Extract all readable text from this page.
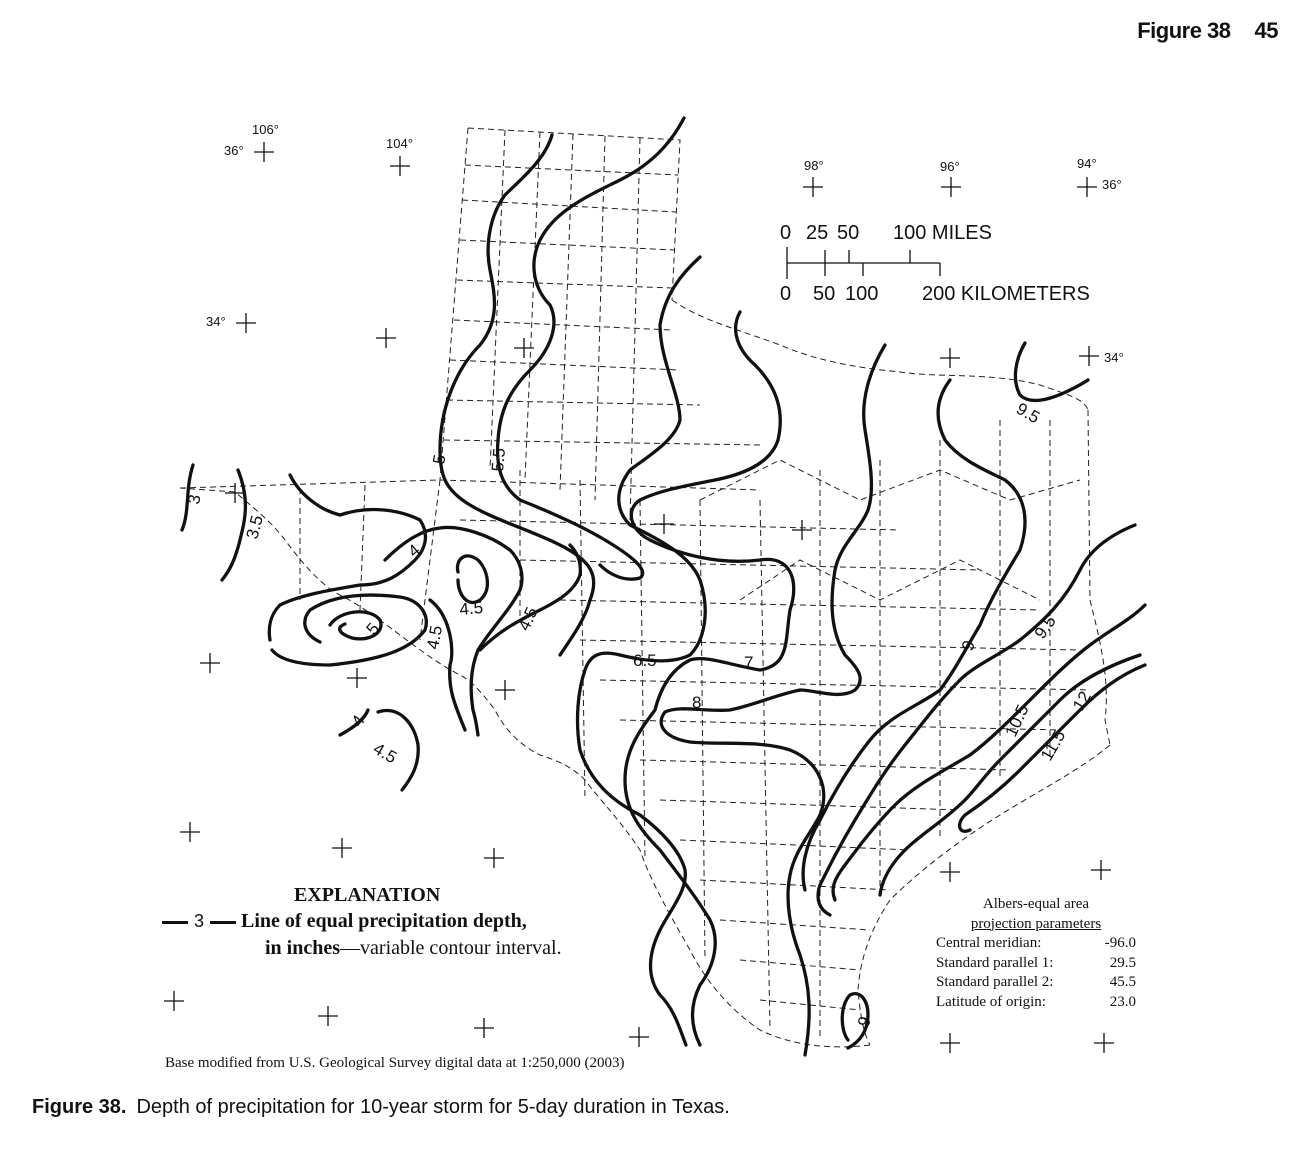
Figure 38 45
106°
36°	104°
98°	96°	94°
36°
34°
34°
0 25 50 100 MILES
0 50 100 200 KILOMETERS
3
3.5
4
4.5
5 4.5
4.5
4
4.5
5 5.5
6.5	7
8
9
9.5
9.5
10.5
11.5
12
9
EXPLANATION
3 Line of equal precipitation depth,
in inches—variable contour interval.
Albers-equal area
projection parameters
Central meridian:	-96.0
Standard parallel 1:	29.5
Standard parallel 2:	45.5
Latitude of origin:	23.0
Base modified from U.S. Geological Survey digital data at 1:250,000 (2003)
Figure 38. Depth of precipitation for 10-year storm for 5-day duration in Texas.
